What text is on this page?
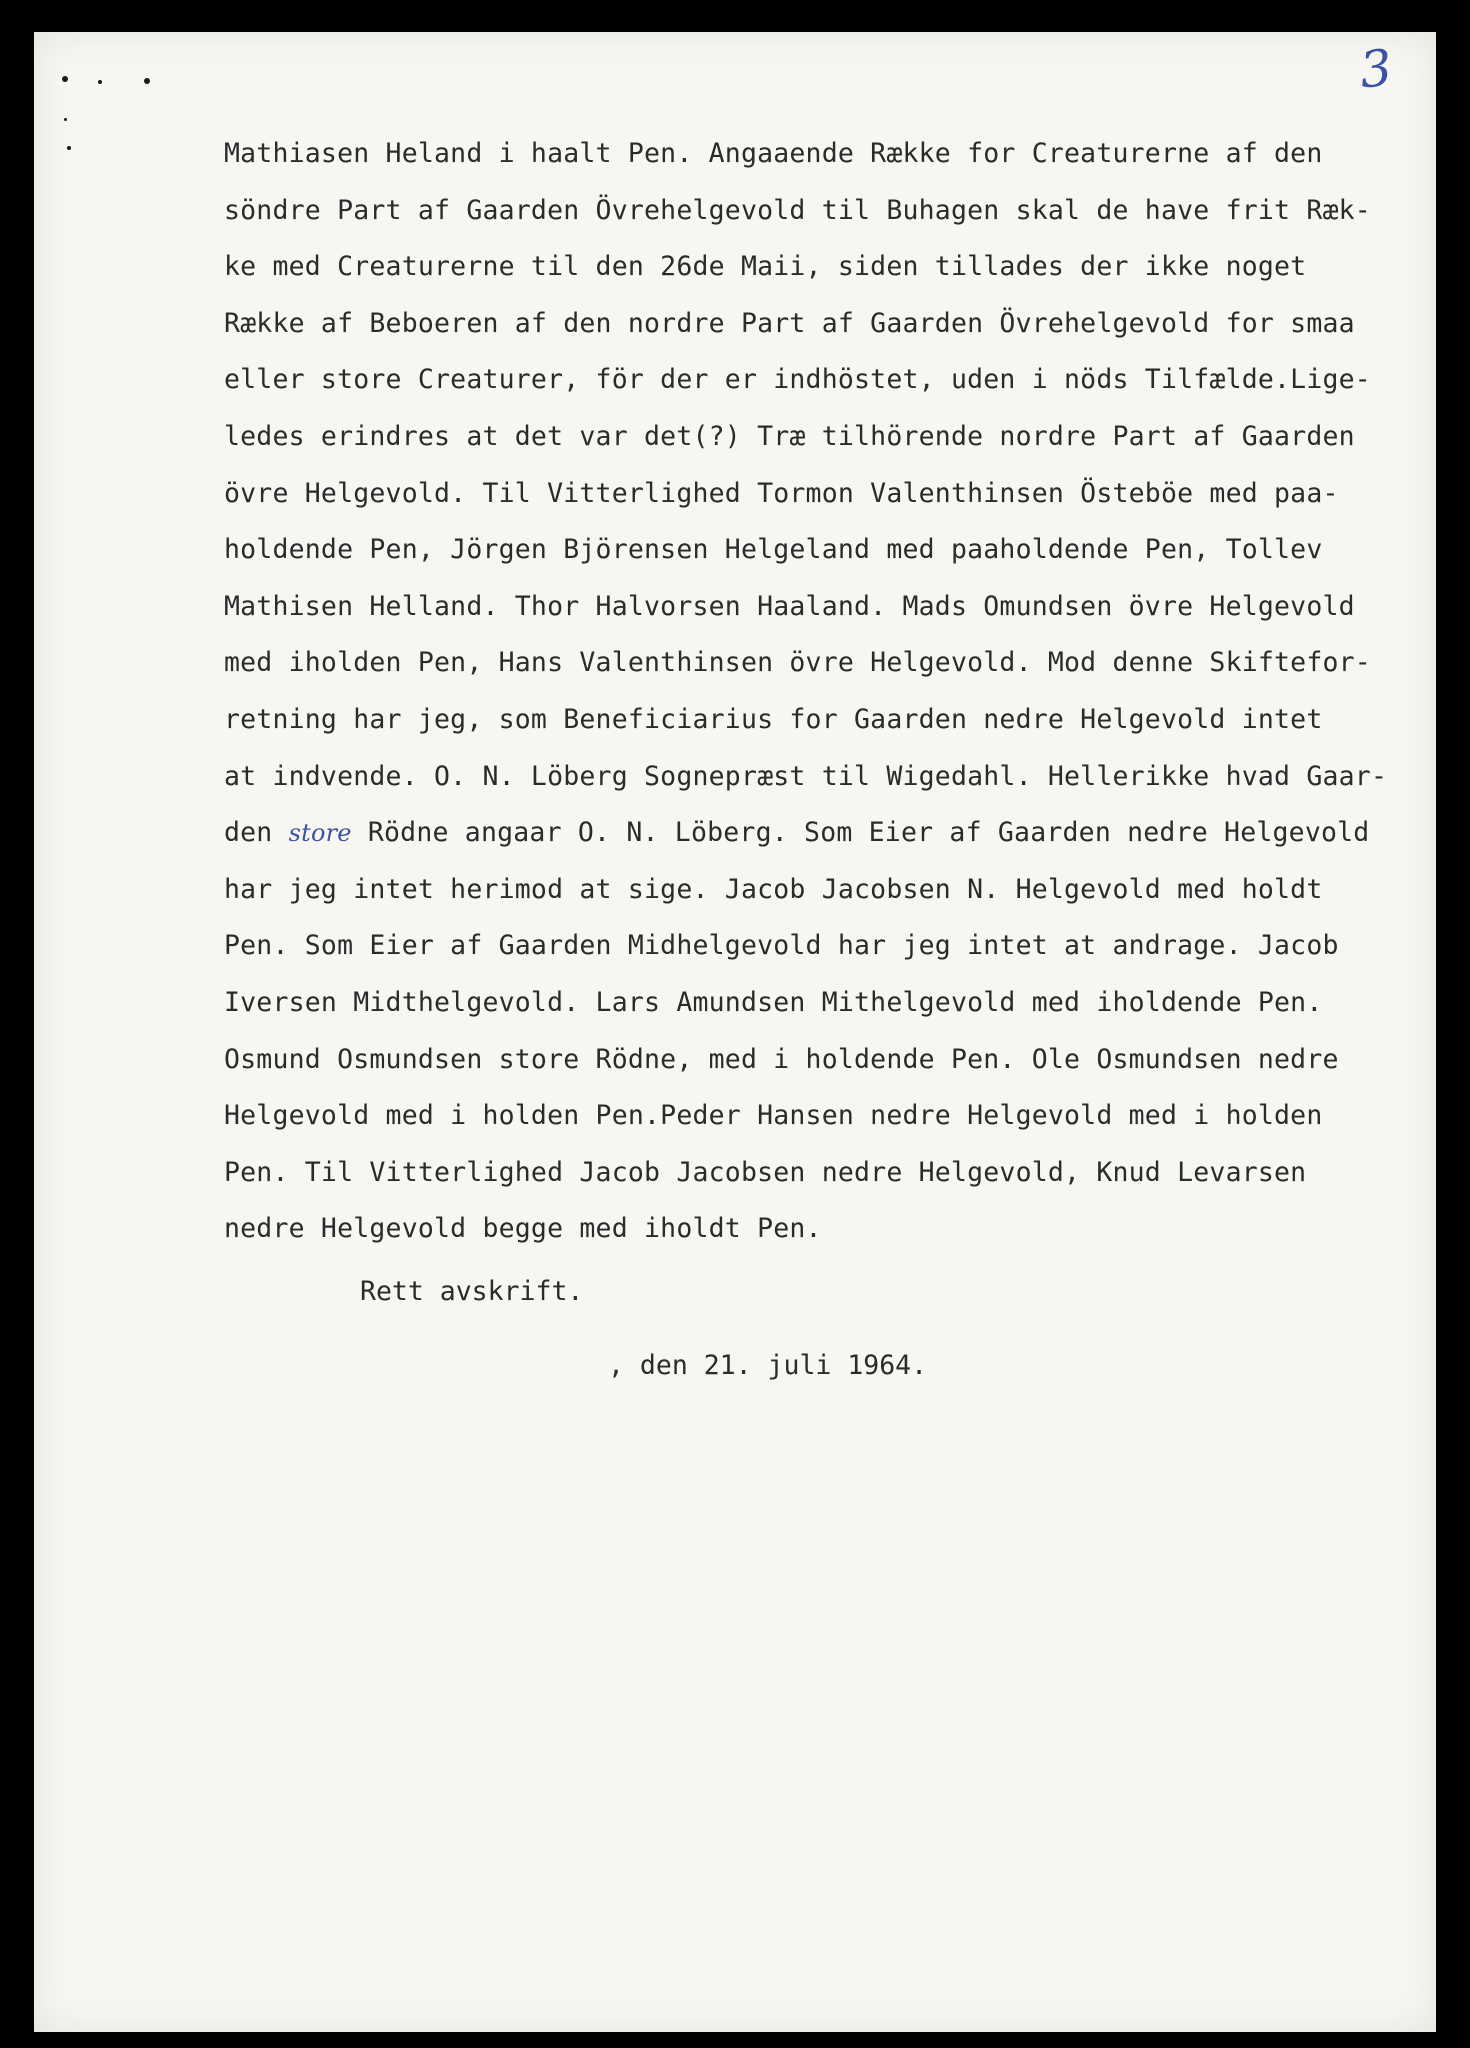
3
Mathiasen Heland i haalt Pen. Angaaende Række for Creaturerne af den
söndre Part af Gaarden Övrehelgevold til Buhagen skal de have frit Ræk-
ke med Creaturerne til den 26de Maii, siden tillades der ikke noget
Række af Beboeren af den nordre Part af Gaarden Övrehelgevold for smaa
eller store Creaturer, för der er indhöstet, uden i nöds Tilfælde.Lige-
ledes erindres at det var det(?) Træ tilhörende nordre Part af Gaarden
övre Helgevold. Til Vitterlighed Tormon Valenthinsen Östeböe med paa-
holdende Pen, Jörgen Björensen Helgeland med paaholdende Pen, Tollev
Mathisen Helland. Thor Halvorsen Haaland. Mads Omundsen övre Helgevold
med iholden Pen, Hans Valenthinsen övre Helgevold. Mod denne Skiftefor-
retning har jeg, som Beneficiarius for Gaarden nedre Helgevold intet
at indvende. O. N. Löberg Sognepræst til Wigedahl. Hellerikke hvad Gaar-
den store Rödne angaar O. N. Löberg. Som Eier af Gaarden nedre Helgevold
har jeg intet herimod at sige. Jacob Jacobsen N. Helgevold med holdt
Pen. Som Eier af Gaarden Midhelgevold har jeg intet at andrage. Jacob
Iversen Midthelgevold. Lars Amundsen Mithelgevold med iholdende Pen.
Osmund Osmundsen store Rödne, med i holdende Pen. Ole Osmundsen nedre
Helgevold med i holden Pen.Peder Hansen nedre Helgevold med i holden
Pen. Til Vitterlighed Jacob Jacobsen nedre Helgevold, Knud Levarsen
nedre Helgevold begge med iholdt Pen.
Rett avskrift.
, den 21. juli 1964.
